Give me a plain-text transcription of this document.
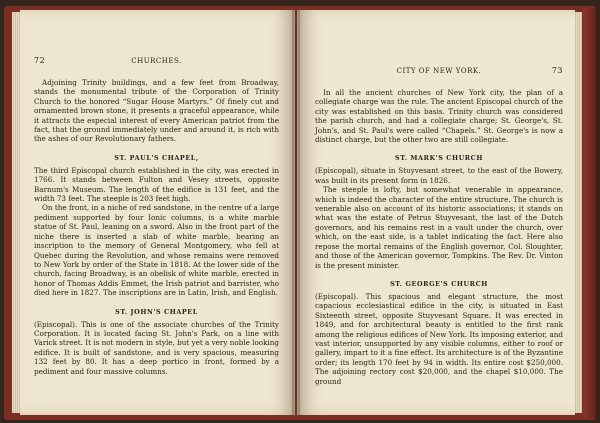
72	CHURCHES.

Adjoining Trinity buildings, and a few feet from Broadway, stands the monumental tribute of the Corporation of Trinity Church to the honored “Sugar House Martyrs.” Of finely cut and ornamented brown stone, it presents a graceful appearance, while it attracts the especial interest of every American patriot from the fact, that the ground immediately under and around it, is rich with the ashes of our Revolutionary fathers.

ST. PAUL'S CHAPEL,

The third Episcopal church established in the city, was erected in 1766. It stands between Fulton and Vesey streets, opposite Barnum's Museum. The length of the edifice is 131 feet, and the width 73 feet. The steeple is 203 feet high.

On the front, in a niche of red sandstone, in the centre of a large pediment supported by four Ionic columns, is a white marble statue of St. Paul, leaning on a sword. Also in the front part of the niche there is inserted a slab of white marble, bearing an inscription to the memory of General Montgomery, who fell at Quebec during the Revolution, and whose remains were removed to New York by order of the State in 1818. At the lower side of the church, facing Broadway, is an obelisk of white marble, erected in honor of Thomas Addis Emmet, the Irish patriot and barrister, who died here in 1827. The inscriptions are in Latin, Irish, and English.

ST. JOHN'S CHAPEL

(Episcopal). This is one of the associate churches of the Trinity Corporation. It is located facing St. John's Park, on a line with Varick street. It is not modern in style, but yet a very noble looking edifice. It is built of sandstone, and is very spacious, measuring 132 feet by 80. It has a deep portico in front, formed by a pediment and four massive columns.

CITY OF NEW YORK.	73

In all the ancient churches of New York city, the plan of a collegiate charge was the rule. The ancient Episcopal church of the city was established on this basis. Trinity church was considered the parish church, and had a collegiate charge; St. George's, St. John's, and St. Paul's were called “Chapels.” St. George's is now a distinct charge, but the other two are still collegiate.

ST. MARK'S CHURCH

(Episcopal), situate in Stuyvesant street, to the east of the Bowery, was built in its present form in 1826.

The steeple is lofty, but somewhat venerable in appearance, which is indeed the character of the entire structure. The church is venerable also on account of its historic associations; it stands on what was the estate of Petrus Stuyvesant, the last of the Dutch governors, and his remains rest in a vault under the church, over which, on the east side, is a tablet indicating the fact. Here also repose the mortal remains of the English governor, Col. Sloughter, and those of the American governor, Tompkins. The Rev. Dr. Vinton is the present minister.

ST. GEORGE'S CHURCH

(Episcopal). This spacious and elegant structure, the most capacious ecclesiastical edifice in the city, is situated in East Sixteenth street, opposite Stuyvesant Square. It was erected in 1849, and for architectural beauty is entitled to the first rank among the religious edifices of New York. Its imposing exterior, and vast interior, unsupported by any visible columns, either to roof or gallery, impart to it a fine effect. Its architecture is of the Byzantine order; its length 170 feet by 94 in width. Its entire cost $250,000. The adjoining rectory cost $20,000, and the chapel $10,000. The ground
